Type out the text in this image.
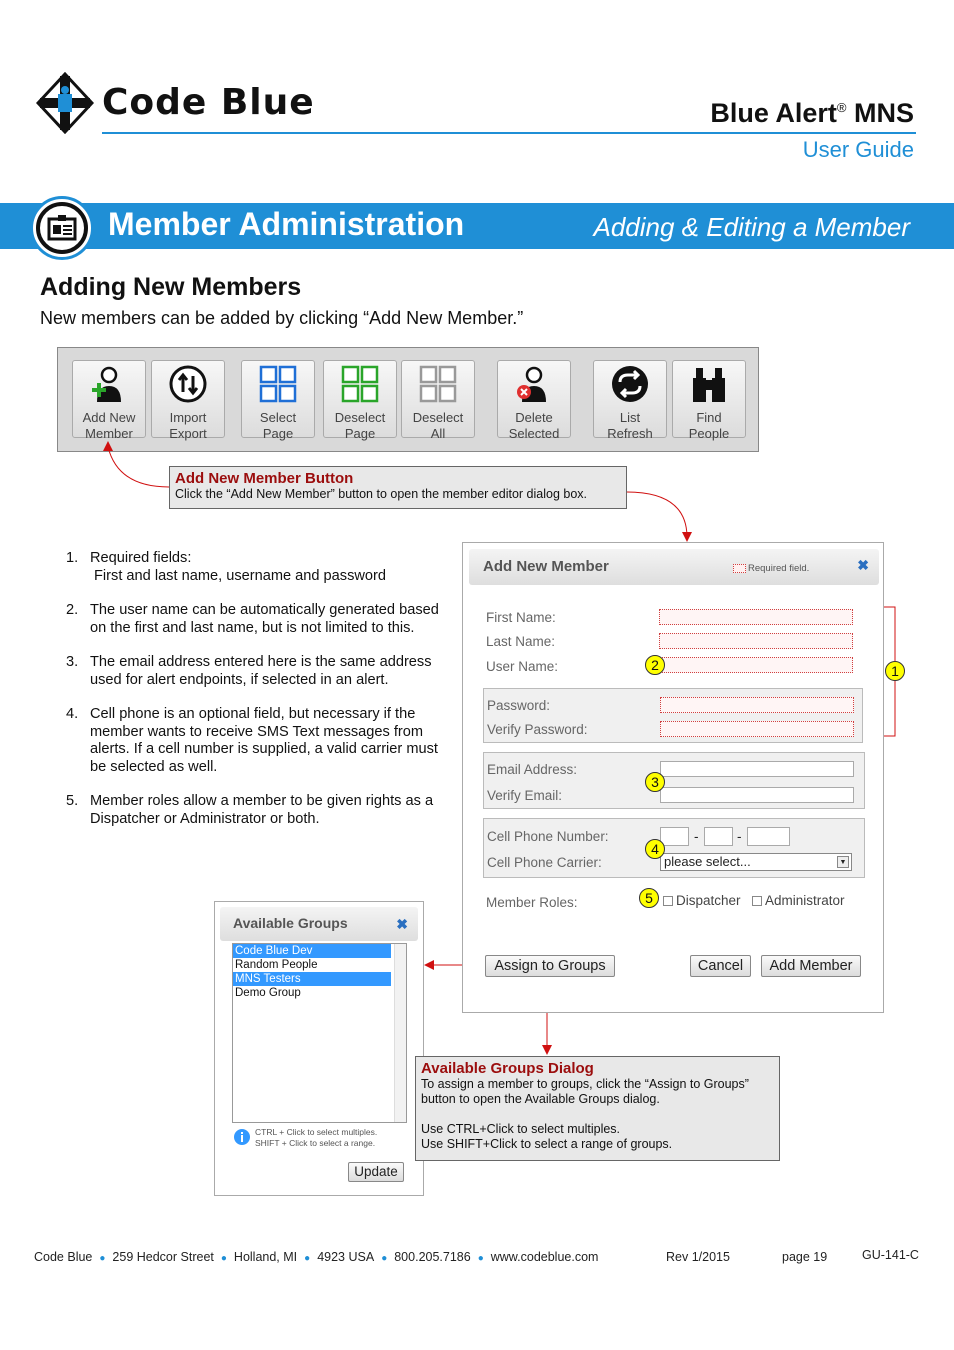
Code Blue	Blue Alert® MNS
User Guide
Member Administration	Adding & Editing a Member
Adding New Members
New members can be added by clicking “Add New Member.”
Add New
Member
Import
Export
Select
Page
Deselect
Page
Deselect
All
Delete
Selected
List
Refresh
Find
People
Add New Member Button
Click the “Add New Member” button to open the member editor dialog box.
1. Required fields:
First and last name, username and password
2. The user name can be automatically generated based on the first and last name, but is not limited to this.
3. The email address entered here is the same address used for alert endpoints, if selected in an alert.
4. Cell phone is an optional field, but necessary if the member wants to receive SMS Text messages from alerts. If a cell number is supplied, a valid carrier must be selected as well.
5. Member roles allow a member to be given rights as a Dispatcher or Administrator or both.
Add New Member	Required field.	✖
First Name:
Last Name:
User Name:	2
Password:
Verify Password:
Email Address:
Verify Email:
3
Cell Phone Number:	-	-
Cell Phone Carrier:	please select...	▼
4
Member Roles:	5	Dispatcher	Administrator
Assign to Groups	Cancel	Add Member
1
Available Groups	✖
Code Blue Dev
Random People
MNS Testers
Demo Group
CTRL + Click to select multiples.
SHIFT + Click to select a range.
Update
Available Groups Dialog
To assign a member to groups, click the “Assign to Groups”
button to open the Available Groups dialog.

Use CTRL+Click to select multiples.
Use SHIFT+Click to select a range of groups.
Code Blue ● 259 Hedcor Street ● Holland, MI ● 4923 USA ● 800.205.7186 ● www.codeblue.com	Rev 1/2015	page 19	GU-141-C
